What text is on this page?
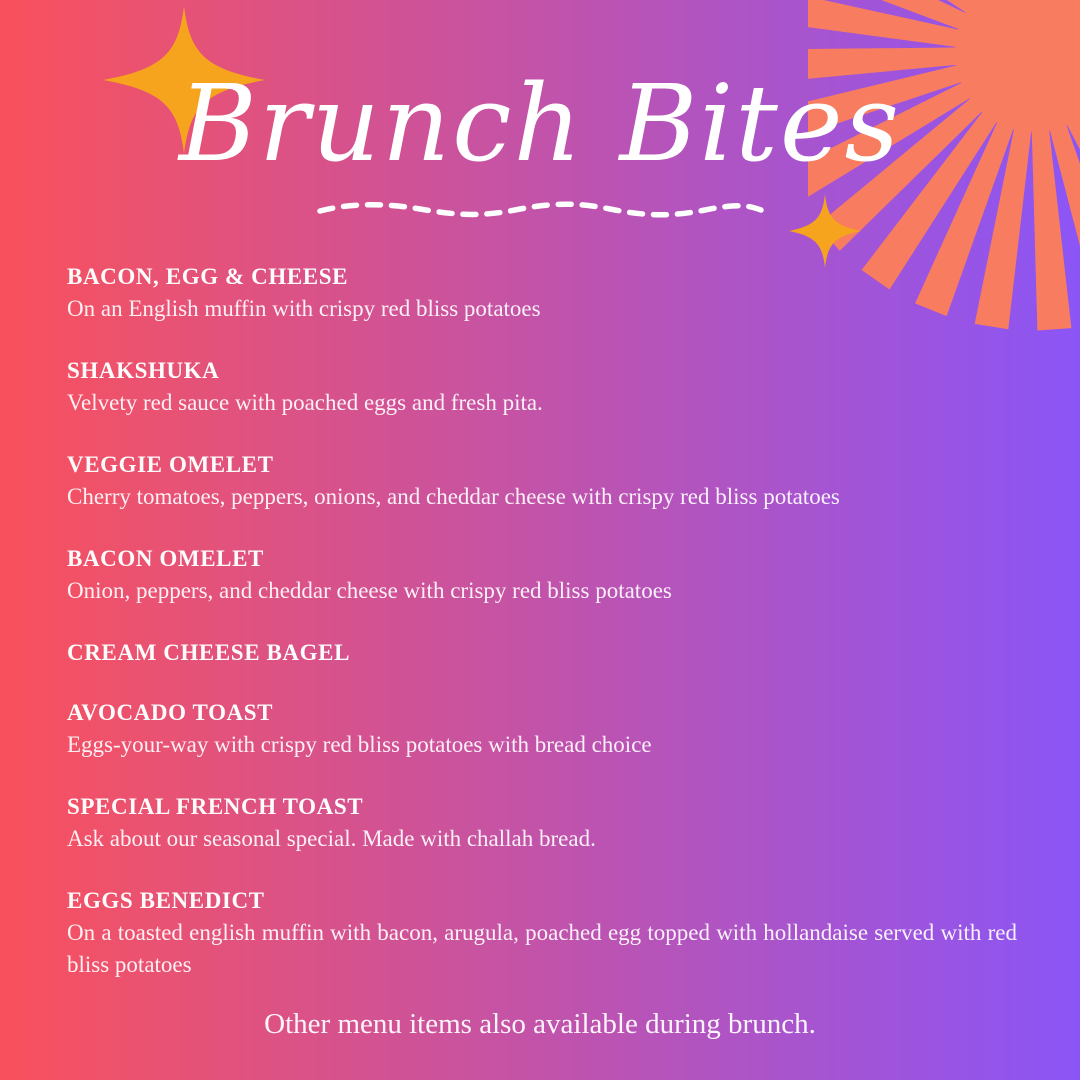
Brunch Bites
BACON, EGG & CHEESE

On an English muffin with crispy red bliss potatoes

SHAKSHUKA

Velvety red sauce with poached eggs and fresh pita.

VEGGIE OMELET

Cherry tomatoes, peppers, onions, and cheddar cheese with crispy red bliss potatoes

BACON OMELET

Onion, peppers, and cheddar cheese with crispy red bliss potatoes

CREAM CHEESE BAGEL
AVOCADO TOAST

Eggs-your-way with crispy red bliss potatoes with bread choice

SPECIAL FRENCH TOAST

Ask about our seasonal special. Made with challah bread.

EGGS BENEDICT

On a toasted english muffin with bacon, arugula, poached egg topped with hollandaise served with red bliss potatoes

Other menu items also available during brunch.
